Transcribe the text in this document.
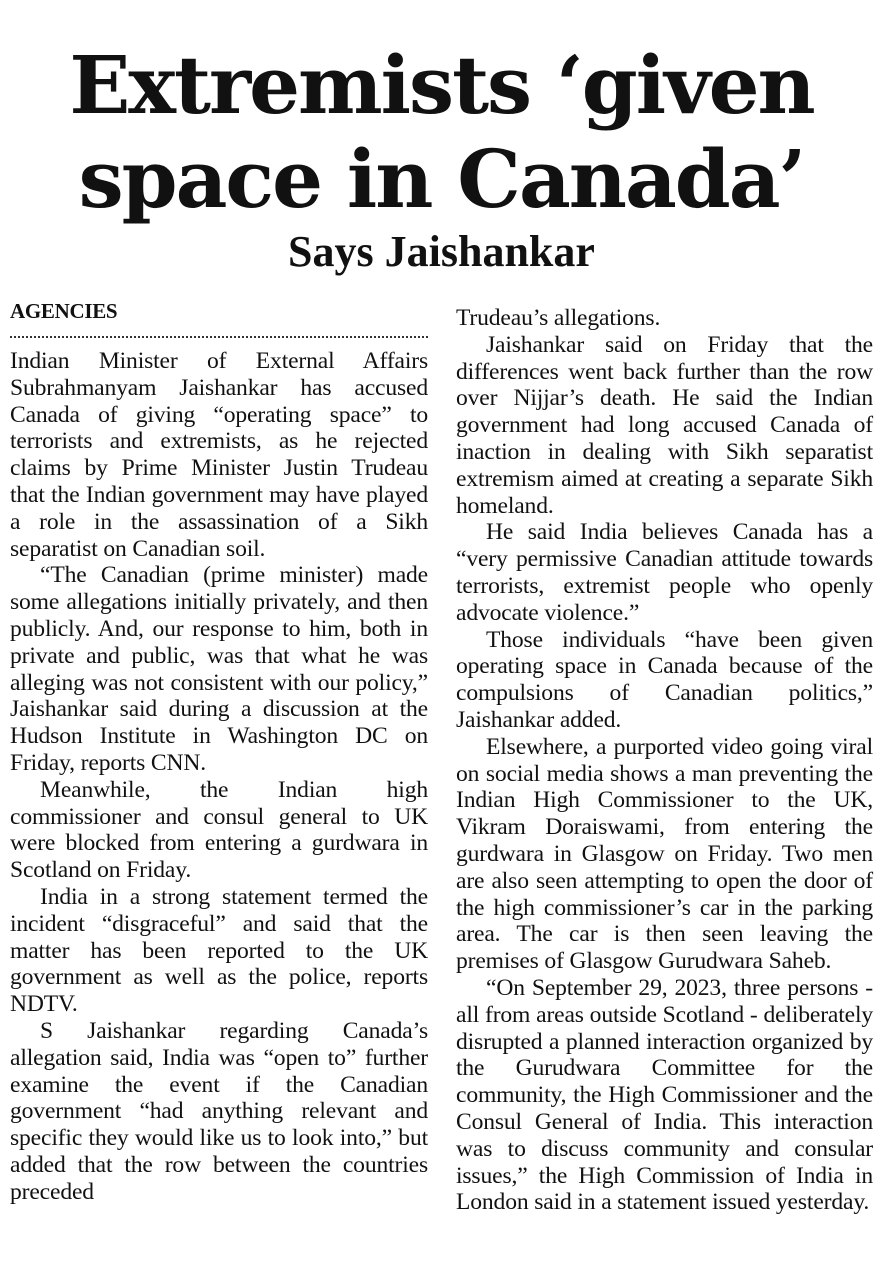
Extremists ‘given
space in Canada’
Says Jaishankar
AGENCIES

Indian Minister of External Affairs Subrahmanyam Jaishankar has accused Canada of giving “operating space” to terrorists and extremists, as he rejected claims by Prime Minister Justin Trudeau that the Indian government may have played a role in the assassination of a Sikh separatist on Canadian soil.

“The Canadian (prime minister) made some allegations initially privately, and then publicly. And, our response to him, both in private and public, was that what he was alleging was not consistent with our policy,” Jaishankar said during a discussion at the Hudson Institute in Washington DC on Friday, reports CNN.

Meanwhile, the Indian high commissioner and consul general to UK were blocked from entering a gurdwara in Scotland on Friday.

India in a strong statement termed the incident “disgraceful” and said that the matter has been reported to the UK government as well as the police, reports NDTV.

S Jaishankar regarding Canada’s allegation said, India was “open to” further examine the event if the Canadian government “had anything relevant and specific they would like us to look into,” but added that the row between the countries preceded

Trudeau’s allegations.

Jaishankar said on Friday that the differences went back further than the row over Nijjar’s death. He said the Indian government had long accused Canada of inaction in dealing with Sikh separatist extremism aimed at creating a separate Sikh homeland.

He said India believes Canada has a “very permissive Canadian attitude towards terrorists, extremist people who openly advocate violence.”

Those individuals “have been given operating space in Canada because of the compulsions of Canadian politics,” Jaishankar added.

Elsewhere, a purported video going viral on social media shows a man preventing the Indian High Commissioner to the UK, Vikram Doraiswami, from entering the gurdwara in Glasgow on Friday. Two men are also seen attempting to open the door of the high commissioner’s car in the parking area. The car is then seen leaving the premises of Glasgow Gurudwara Saheb.

“On September 29, 2023, three persons - all from areas outside Scotland - deliberately disrupted a planned interaction organized by the Gurudwara Committee for the community, the High Commissioner and the Consul General of India. This interaction was to discuss community and consular issues,” the High Commission of India in London said in a statement issued yesterday.
